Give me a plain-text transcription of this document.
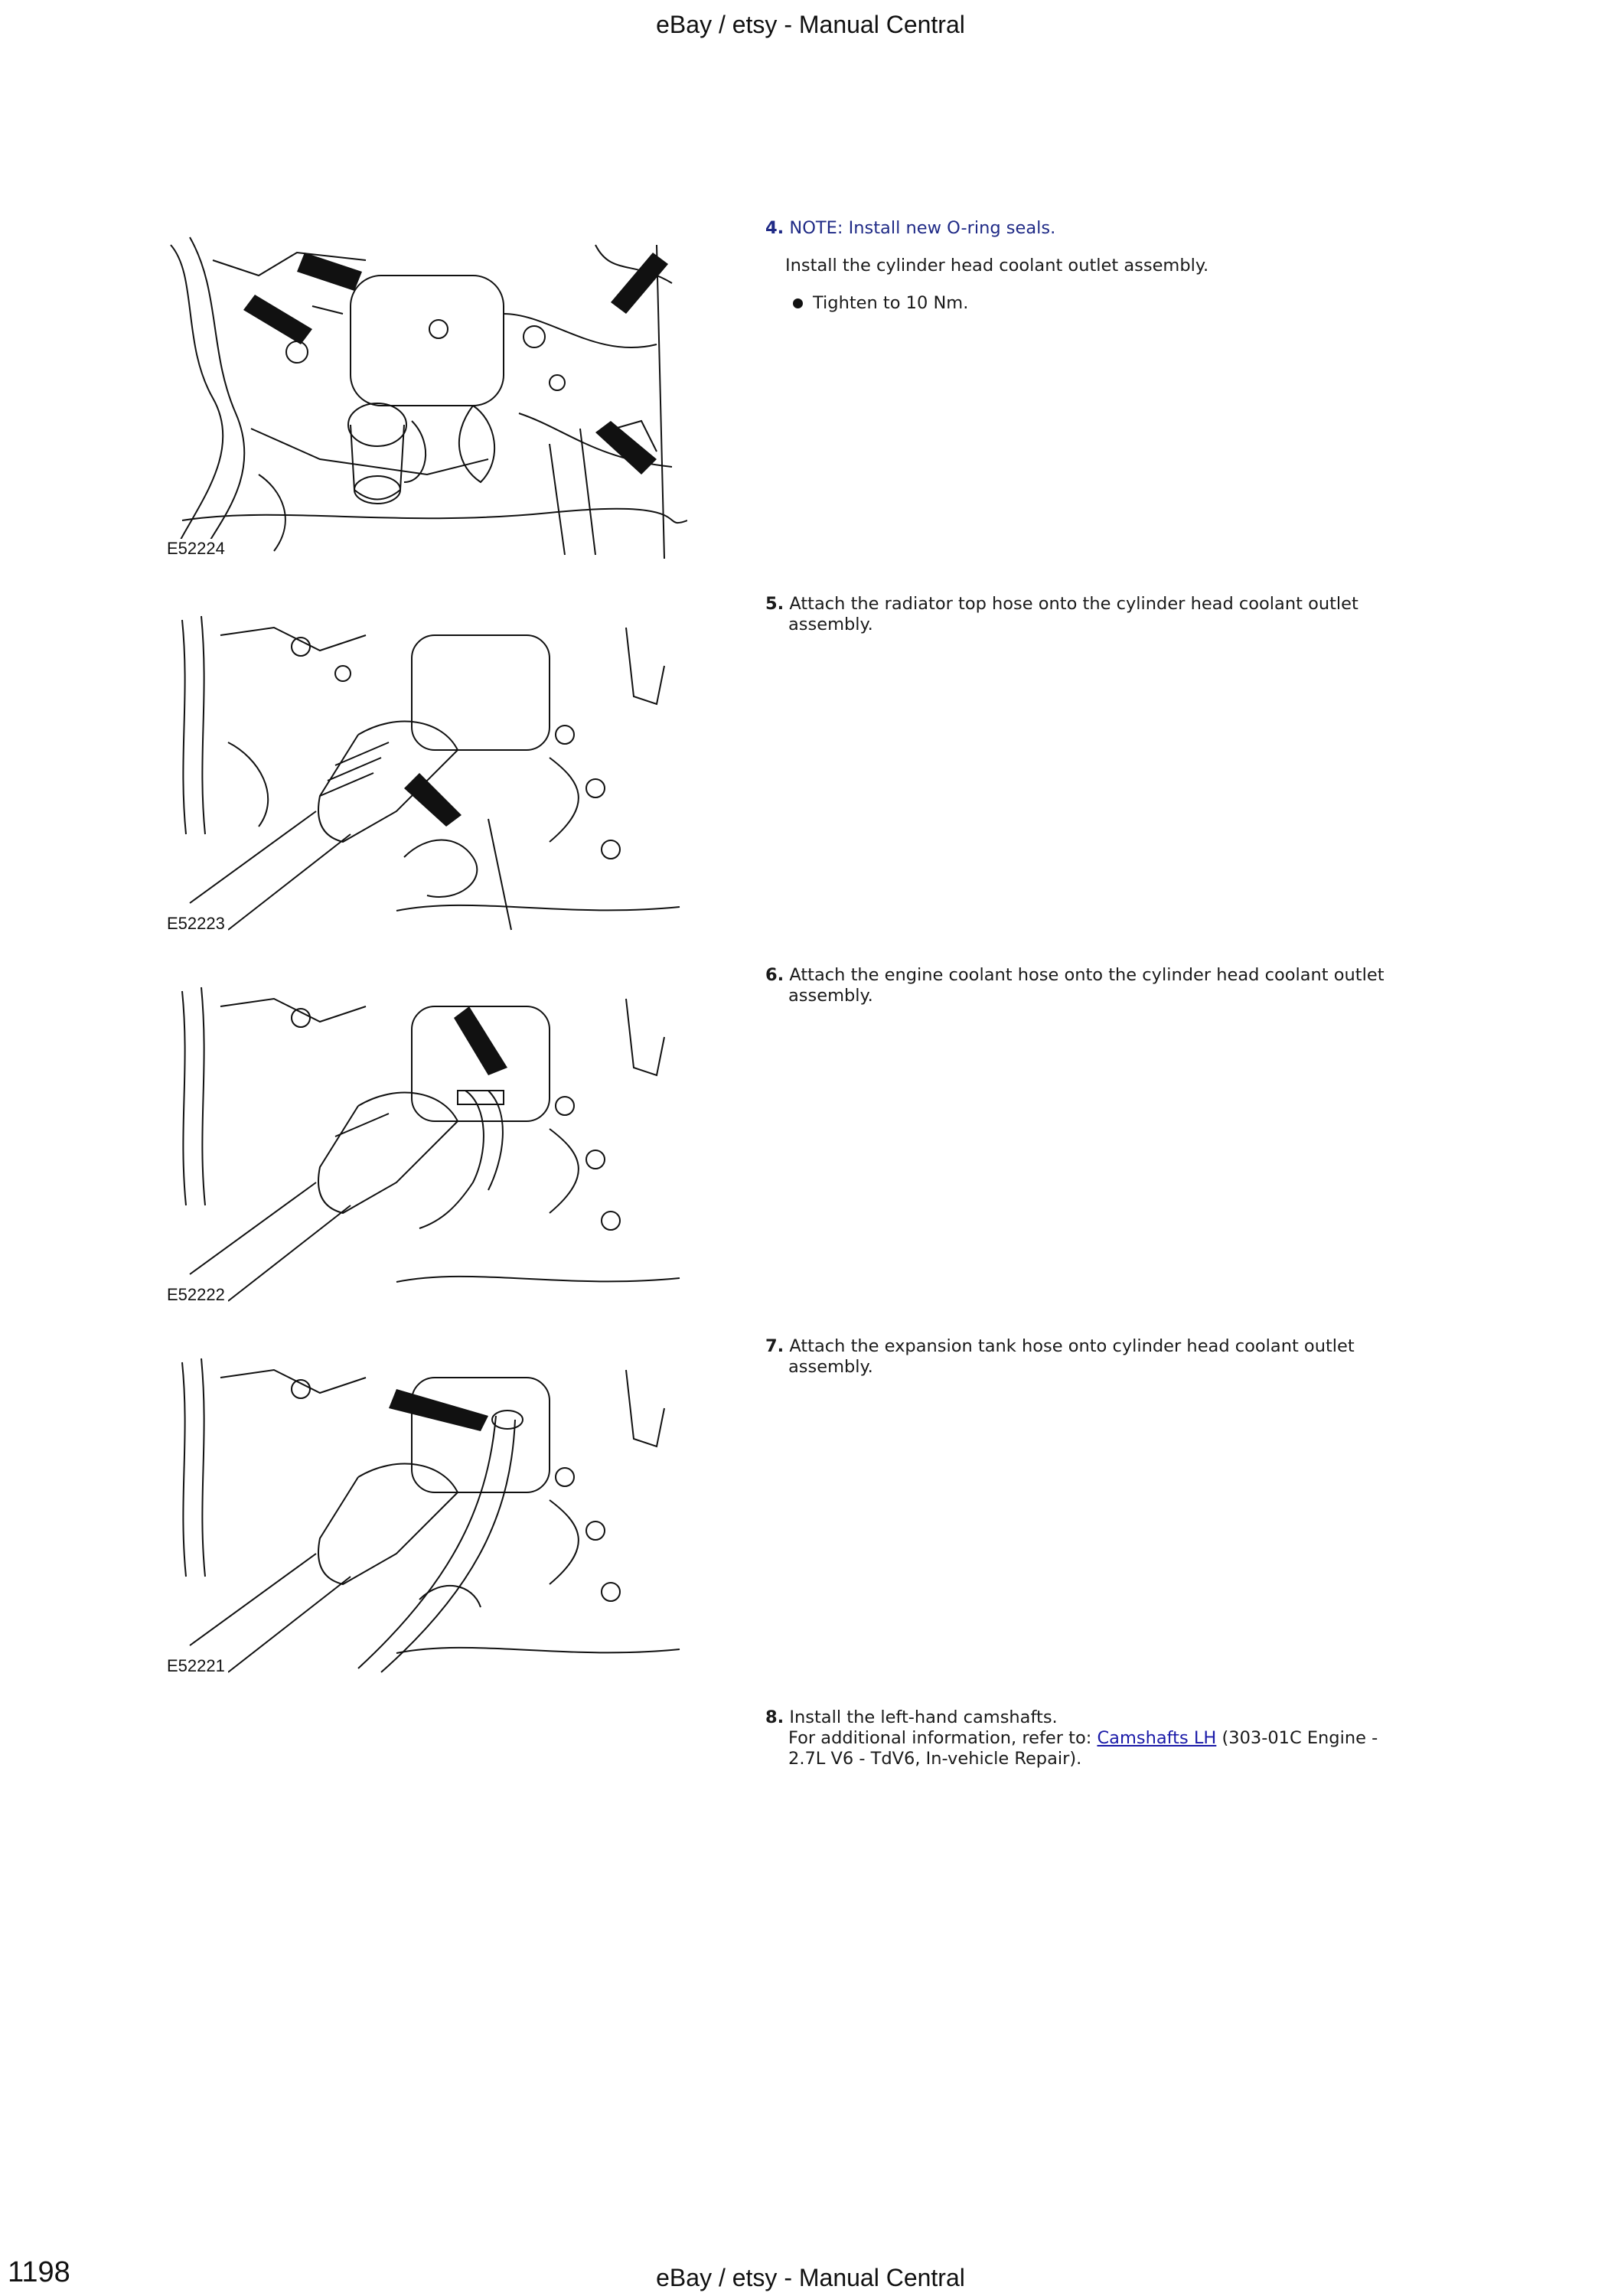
eBay / etsy - Manual Central
E52224
E52223
E52222
E52221
4. NOTE: Install new O-ring seals.
Install the cylinder head coolant outlet assembly.
Tighten to 10 Nm.
5. Attach the radiator top hose onto the cylinder head coolant outlet
assembly.
6. Attach the engine coolant hose onto the cylinder head coolant outlet
assembly.
7. Attach the expansion tank hose onto cylinder head coolant outlet
assembly.
8. Install the left-hand camshafts.
For additional information, refer to: Camshafts LH (303-01C Engine -
2.7L V6 - TdV6, In-vehicle Repair).
1198	eBay / etsy - Manual Central
